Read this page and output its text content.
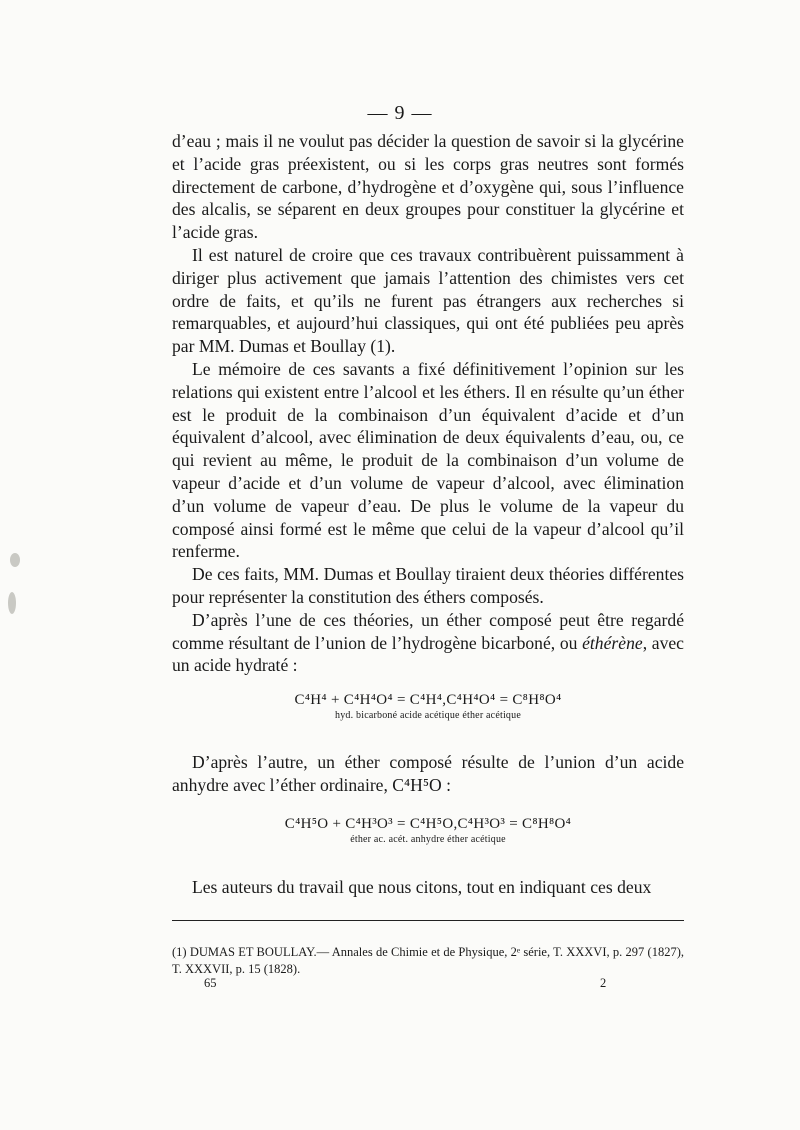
— 9 —

d’eau ; mais il ne voulut pas décider la question de savoir si la glycérine et l’acide gras préexistent, ou si les corps gras neutres sont formés directement de carbone, d’hydrogène et d’oxygène qui, sous l’influence des alcalis, se séparent en deux groupes pour constituer la glycérine et l’acide gras.

Il est naturel de croire que ces travaux contribuèrent puissamment à diriger plus activement que jamais l’attention des chimistes vers cet ordre de faits, et qu’ils ne furent pas étrangers aux recherches si remarquables, et aujourd’hui classiques, qui ont été publiées peu après par MM. Dumas et Boullay (1).

Le mémoire de ces savants a fixé définitivement l’opinion sur les relations qui existent entre l’alcool et les éthers. Il en résulte qu’un éther est le produit de la combinaison d’un équivalent d’acide et d’un équivalent d’alcool, avec élimination de deux équivalents d’eau, ou, ce qui revient au même, le produit de la combinaison d’un volume de vapeur d’acide et d’un volume de vapeur d’alcool, avec élimination d’un volume de vapeur d’eau. De plus le volume de la vapeur du composé ainsi formé est le même que celui de la vapeur d’alcool qu’il renferme.

De ces faits, MM. Dumas et Boullay tiraient deux théories différentes pour représenter la constitution des éthers composés.

D’après l’une de ces théories, un éther composé peut être regardé comme résultant de l’union de l’hydrogène bicarboné, ou éthérène, avec un acide hydraté :

C⁴H⁴ + C⁴H⁴O⁴ = C⁴H⁴,C⁴H⁴O⁴ = C⁸H⁸O⁴
hyd. bicarboné acide acétique éther acétique

D’après l’autre, un éther composé résulte de l’union d’un acide anhydre avec l’éther ordinaire, C⁴H⁵O :

C⁴H⁵O + C⁴H³O³ = C⁴H⁵O,C⁴H³O³ = C⁸H⁸O⁴
éther ac. acét. anhydre éther acétique

Les auteurs du travail que nous citons, tout en indiquant ces deux

(1) DUMAS ET BOULLAY.— Annales de Chimie et de Physique, 2ᵉ série, T. XXXVI, p. 297 (1827), T. XXXVII, p. 15 (1828).
65	2
